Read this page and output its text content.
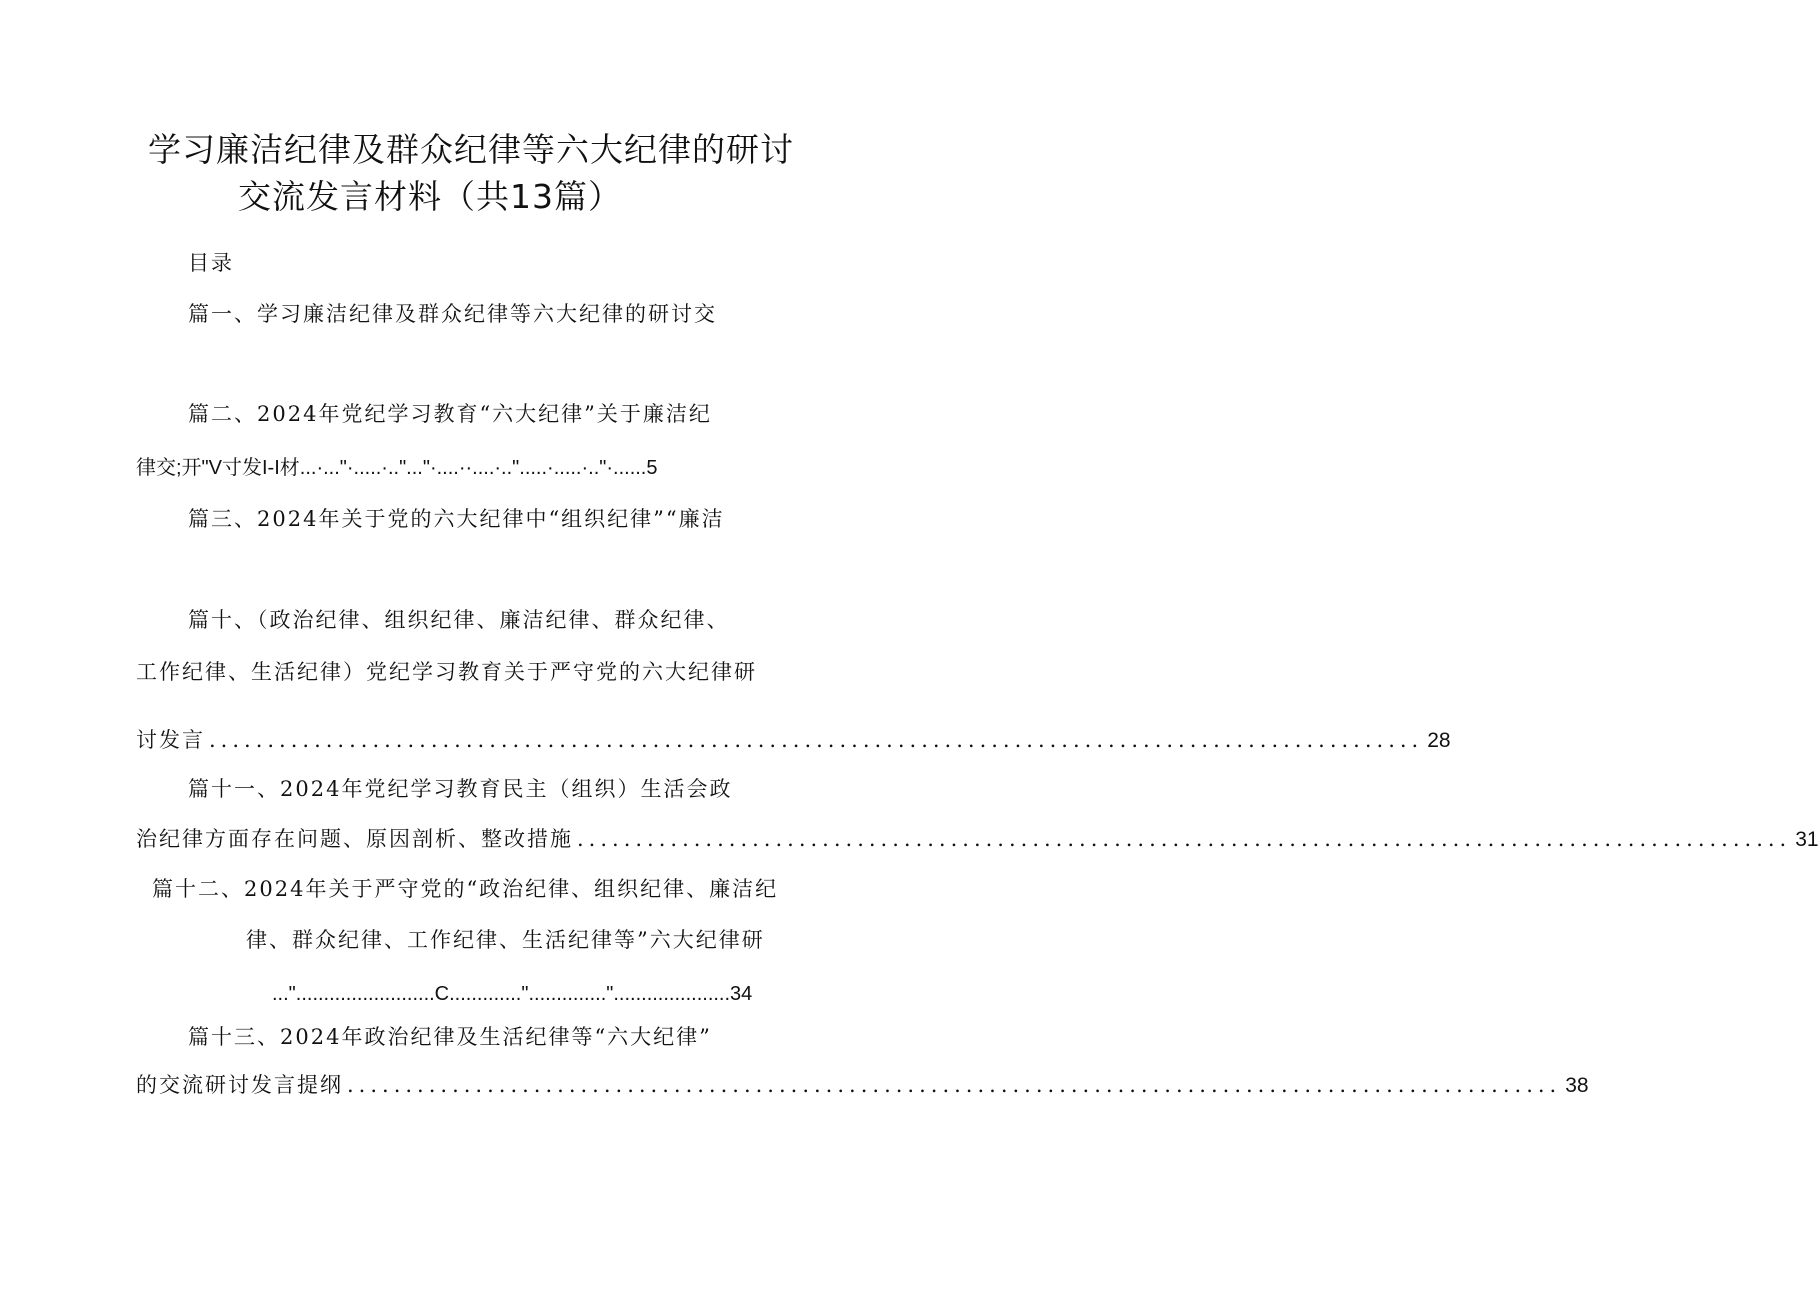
学习廉洁纪律及群众纪律等六大纪律的研讨
交流发言材料（共13篇）
目录
篇一、学习廉洁纪律及群众纪律等六大纪律的研讨交
篇二、2024年党纪学习教育“六大纪律”关于廉洁纪
律交;开"V寸发I-I材...·..."·.....·.."..."·....··....·..".....·.....·.."·......5
篇三、2024年关于党的六大纪律中“组织纪律”“廉洁
篇十、（政治纪律、组织纪律、廉洁纪律、群众纪律、
工作纪律、生活纪律）党纪学习教育关于严守党的六大纪律研
讨发言 ........................................................................................................ 28
篇十一、2024年党纪学习教育民主（组织）生活会政
治纪律方面存在问题、原因剖析、整改措施 ........................................................................................................ 31
篇十二、2024年关于严守党的“政治纪律、组织纪律、廉洁纪
律、群众纪律、工作纪律、生活纪律等”六大纪律研
...".........................C............."..............".....................34
篇十三、2024年政治纪律及生活纪律等“六大纪律”
的交流研讨发言提纲 ........................................................................................................ 38
